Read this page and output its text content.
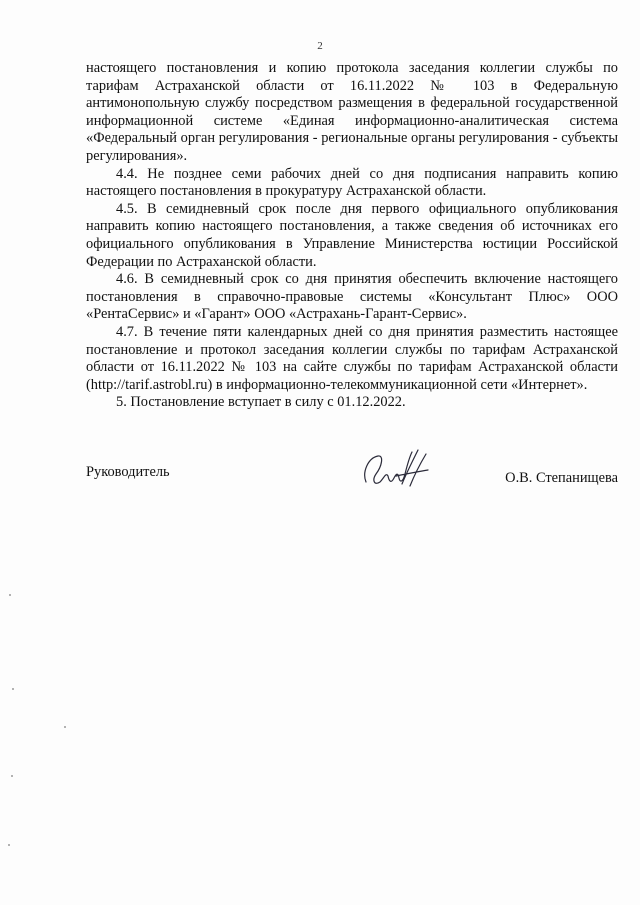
2

настоящего постановления и копию протокола заседания коллегии службы по тарифам Астраханской области от 16.11.2022 № 103 в Федеральную антимонопольную службу посредством размещения в федеральной государственной информационной системе «Единая информационно-аналитическая система «Федеральный орган регулирования - региональные органы регулирования - субъекты регулирования».

4.4. Не позднее семи рабочих дней со дня подписания направить копию настоящего постановления в прокуратуру Астраханской области.

4.5. В семидневный срок после дня первого официального опубликования направить копию настоящего постановления, а также сведения об источниках его официального опубликования в Управление Министерства юстиции Российской Федерации по Астраханской области.

4.6. В семидневный срок со дня принятия обеспечить включение настоящего постановления в справочно-правовые системы «Консультант Плюс» ООО «РентаСервис» и «Гарант» ООО «Астрахань-Гарант-Сервис».

4.7. В течение пяти календарных дней со дня принятия разместить настоящее постановление и протокол заседания коллегии службы по тарифам Астраханской области от 16.11.2022 № 103 на сайте службы по тарифам Астраханской области (http://tarif.astrobl.ru) в информационно-телекоммуникационной сети «Интернет».

5. Постановление вступает в силу с 01.12.2022.

Руководитель	О.В. Степанищева
